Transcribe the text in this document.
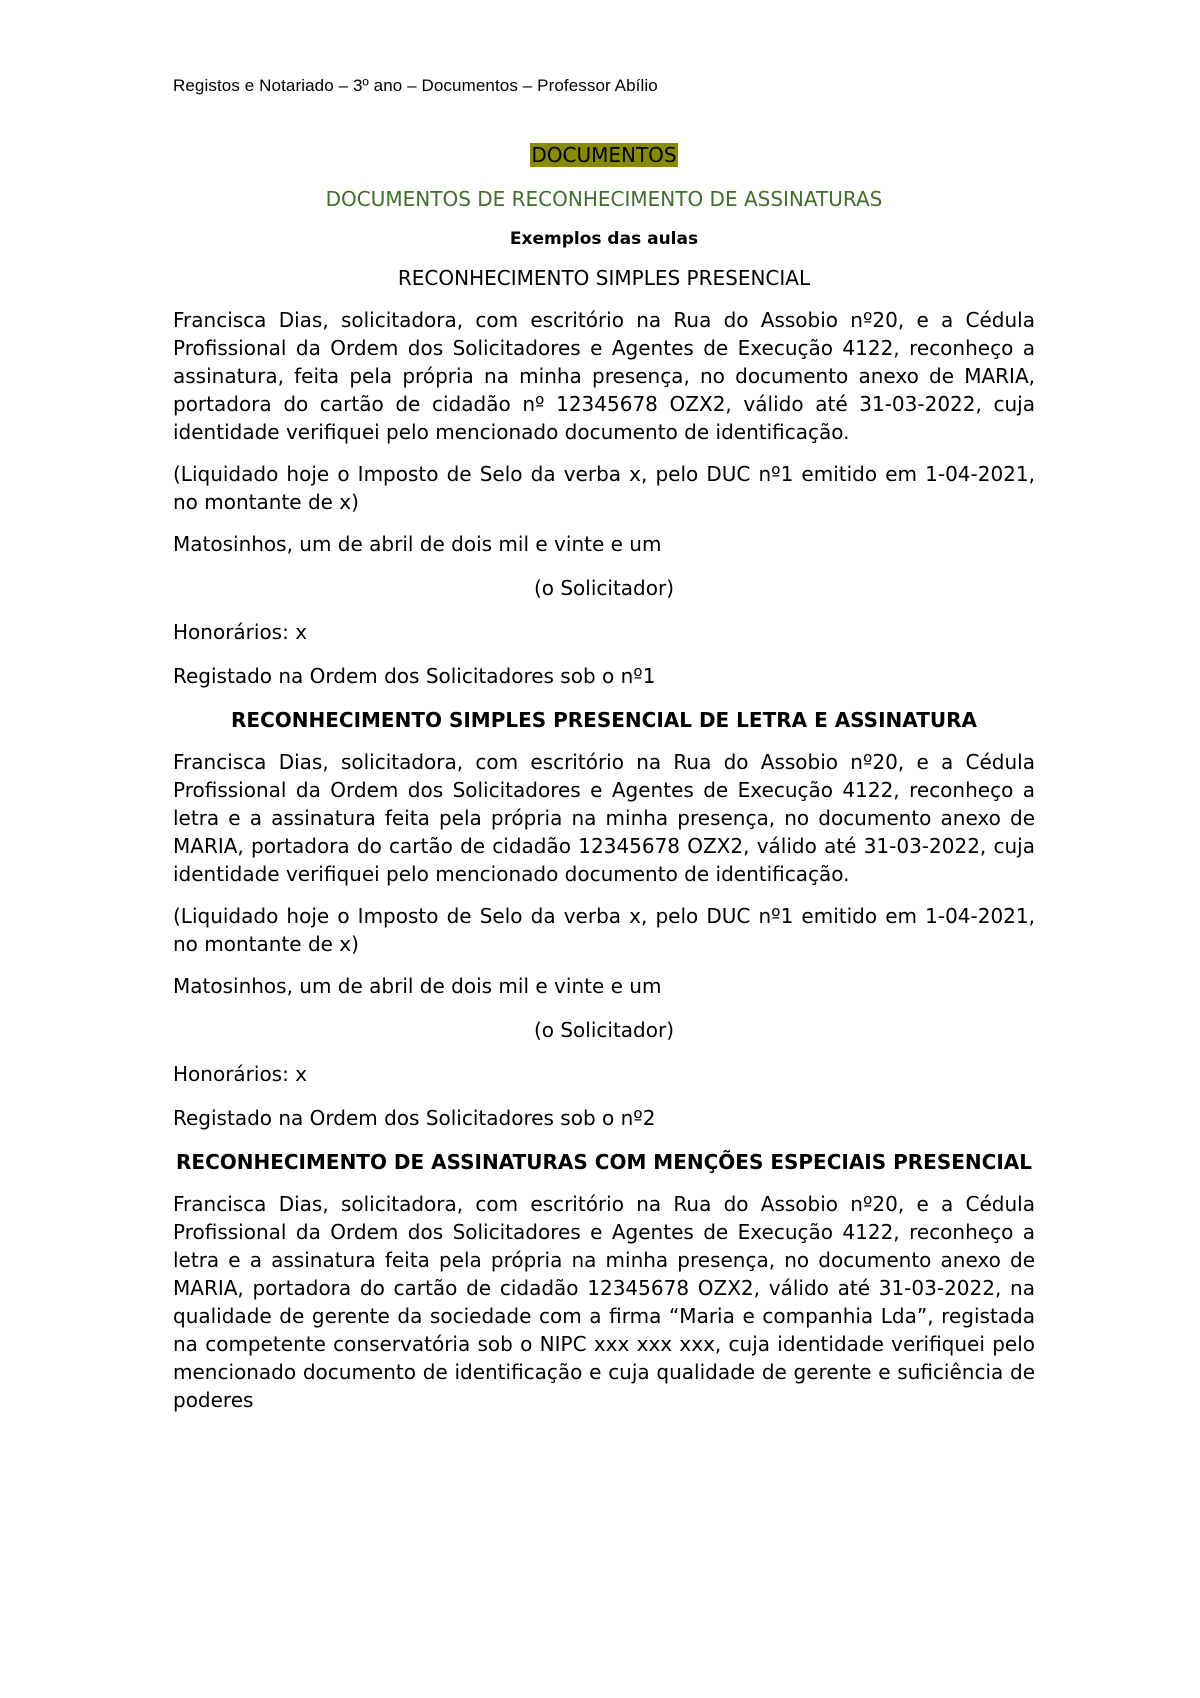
Registos e Notariado – 3º ano – Documentos – Professor Abílio
DOCUMENTOS
DOCUMENTOS DE RECONHECIMENTO DE ASSINATURAS
Exemplos das aulas
RECONHECIMENTO SIMPLES PRESENCIAL

Francisca Dias, solicitadora, com escritório na Rua do Assobio nº20, e a Cédula Profissional da Ordem dos Solicitadores e Agentes de Execução 4122, reconheço a assinatura, feita pela própria na minha presença, no documento anexo de MARIA, portadora do cartão de cidadão nº 12345678 OZX2, válido até 31-03-2022, cuja identidade verifiquei pelo mencionado documento de identificação.

(Liquidado hoje o Imposto de Selo da verba x, pelo DUC nº1 emitido em 1-04-2021, no montante de x)

Matosinhos, um de abril de dois mil e vinte e um

(o Solicitador)

Honorários: x

Registado na Ordem dos Solicitadores sob o nº1

RECONHECIMENTO SIMPLES PRESENCIAL DE LETRA E ASSINATURA

Francisca Dias, solicitadora, com escritório na Rua do Assobio nº20, e a Cédula Profissional da Ordem dos Solicitadores e Agentes de Execução 4122, reconheço a letra e a assinatura feita pela própria na minha presença, no documento anexo de MARIA, portadora do cartão de cidadão 12345678 OZX2, válido até 31-03-2022, cuja identidade verifiquei pelo mencionado documento de identificação.

(Liquidado hoje o Imposto de Selo da verba x, pelo DUC nº1 emitido em 1-04-2021, no montante de x)

Matosinhos, um de abril de dois mil e vinte e um

(o Solicitador)

Honorários: x

Registado na Ordem dos Solicitadores sob o nº2

RECONHECIMENTO DE ASSINATURAS COM MENÇÕES ESPECIAIS PRESENCIAL

Francisca Dias, solicitadora, com escritório na Rua do Assobio nº20, e a Cédula Profissional da Ordem dos Solicitadores e Agentes de Execução 4122, reconheço a letra e a assinatura feita pela própria na minha presença, no documento anexo de MARIA, portadora do cartão de cidadão 12345678 OZX2, válido até 31-03-2022, na qualidade de gerente da sociedade com a firma “Maria e companhia Lda”, registada na competente conservatória sob o NIPC xxx xxx xxx, cuja identidade verifiquei pelo mencionado documento de identificação e cuja qualidade de gerente e suficiência de poderes
